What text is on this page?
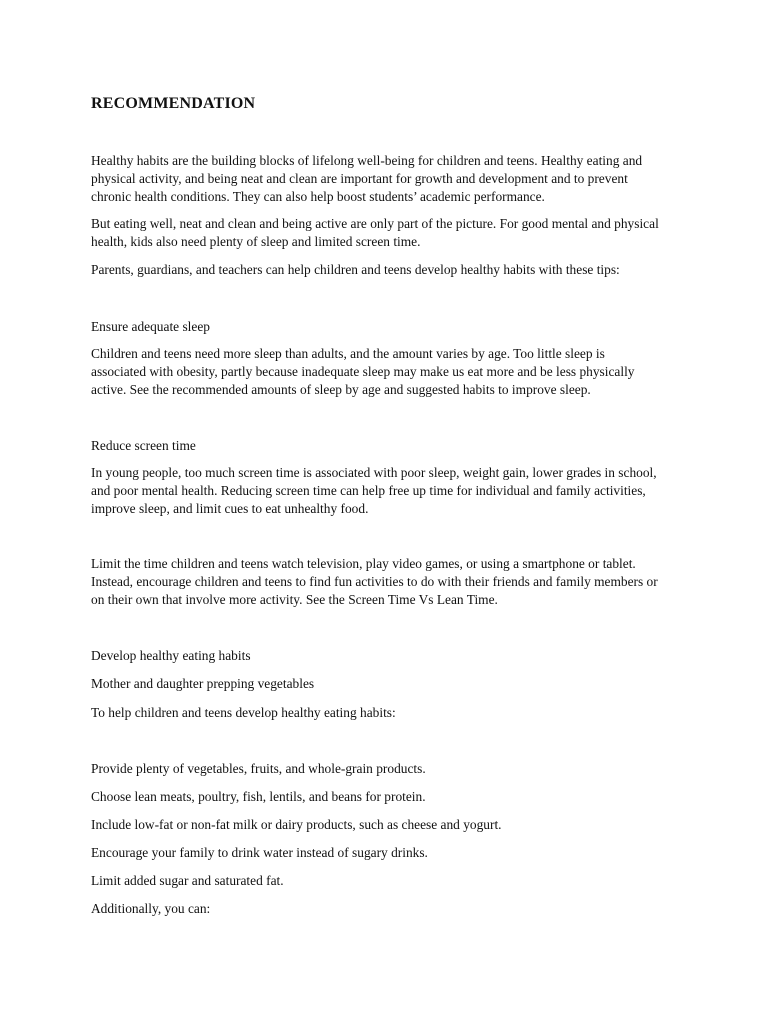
RECOMMENDATION

Healthy habits are the building blocks of lifelong well-being for children and teens. Healthy eating and
physical activity, and being neat and clean are important for growth and development and to prevent
chronic health conditions. They can also help boost students’ academic performance.

But eating well, neat and clean and being active are only part of the picture. For good mental and physical
health, kids also need plenty of sleep and limited screen time.

Parents, guardians, and teachers can help children and teens develop healthy habits with these tips:

Ensure adequate sleep

Children and teens need more sleep than adults, and the amount varies by age. Too little sleep is
associated with obesity, partly because inadequate sleep may make us eat more and be less physically
active. See the recommended amounts of sleep by age and suggested habits to improve sleep.

Reduce screen time

In young people, too much screen time is associated with poor sleep, weight gain, lower grades in school,
and poor mental health. Reducing screen time can help free up time for individual and family activities,
improve sleep, and limit cues to eat unhealthy food.

Limit the time children and teens watch television, play video games, or using a smartphone or tablet.
Instead, encourage children and teens to find fun activities to do with their friends and family members or
on their own that involve more activity. See the Screen Time Vs Lean Time.

Develop healthy eating habits

Mother and daughter prepping vegetables

To help children and teens develop healthy eating habits:

Provide plenty of vegetables, fruits, and whole-grain products.

Choose lean meats, poultry, fish, lentils, and beans for protein.

Include low-fat or non-fat milk or dairy products, such as cheese and yogurt.

Encourage your family to drink water instead of sugary drinks.

Limit added sugar and saturated fat.

Additionally, you can:
